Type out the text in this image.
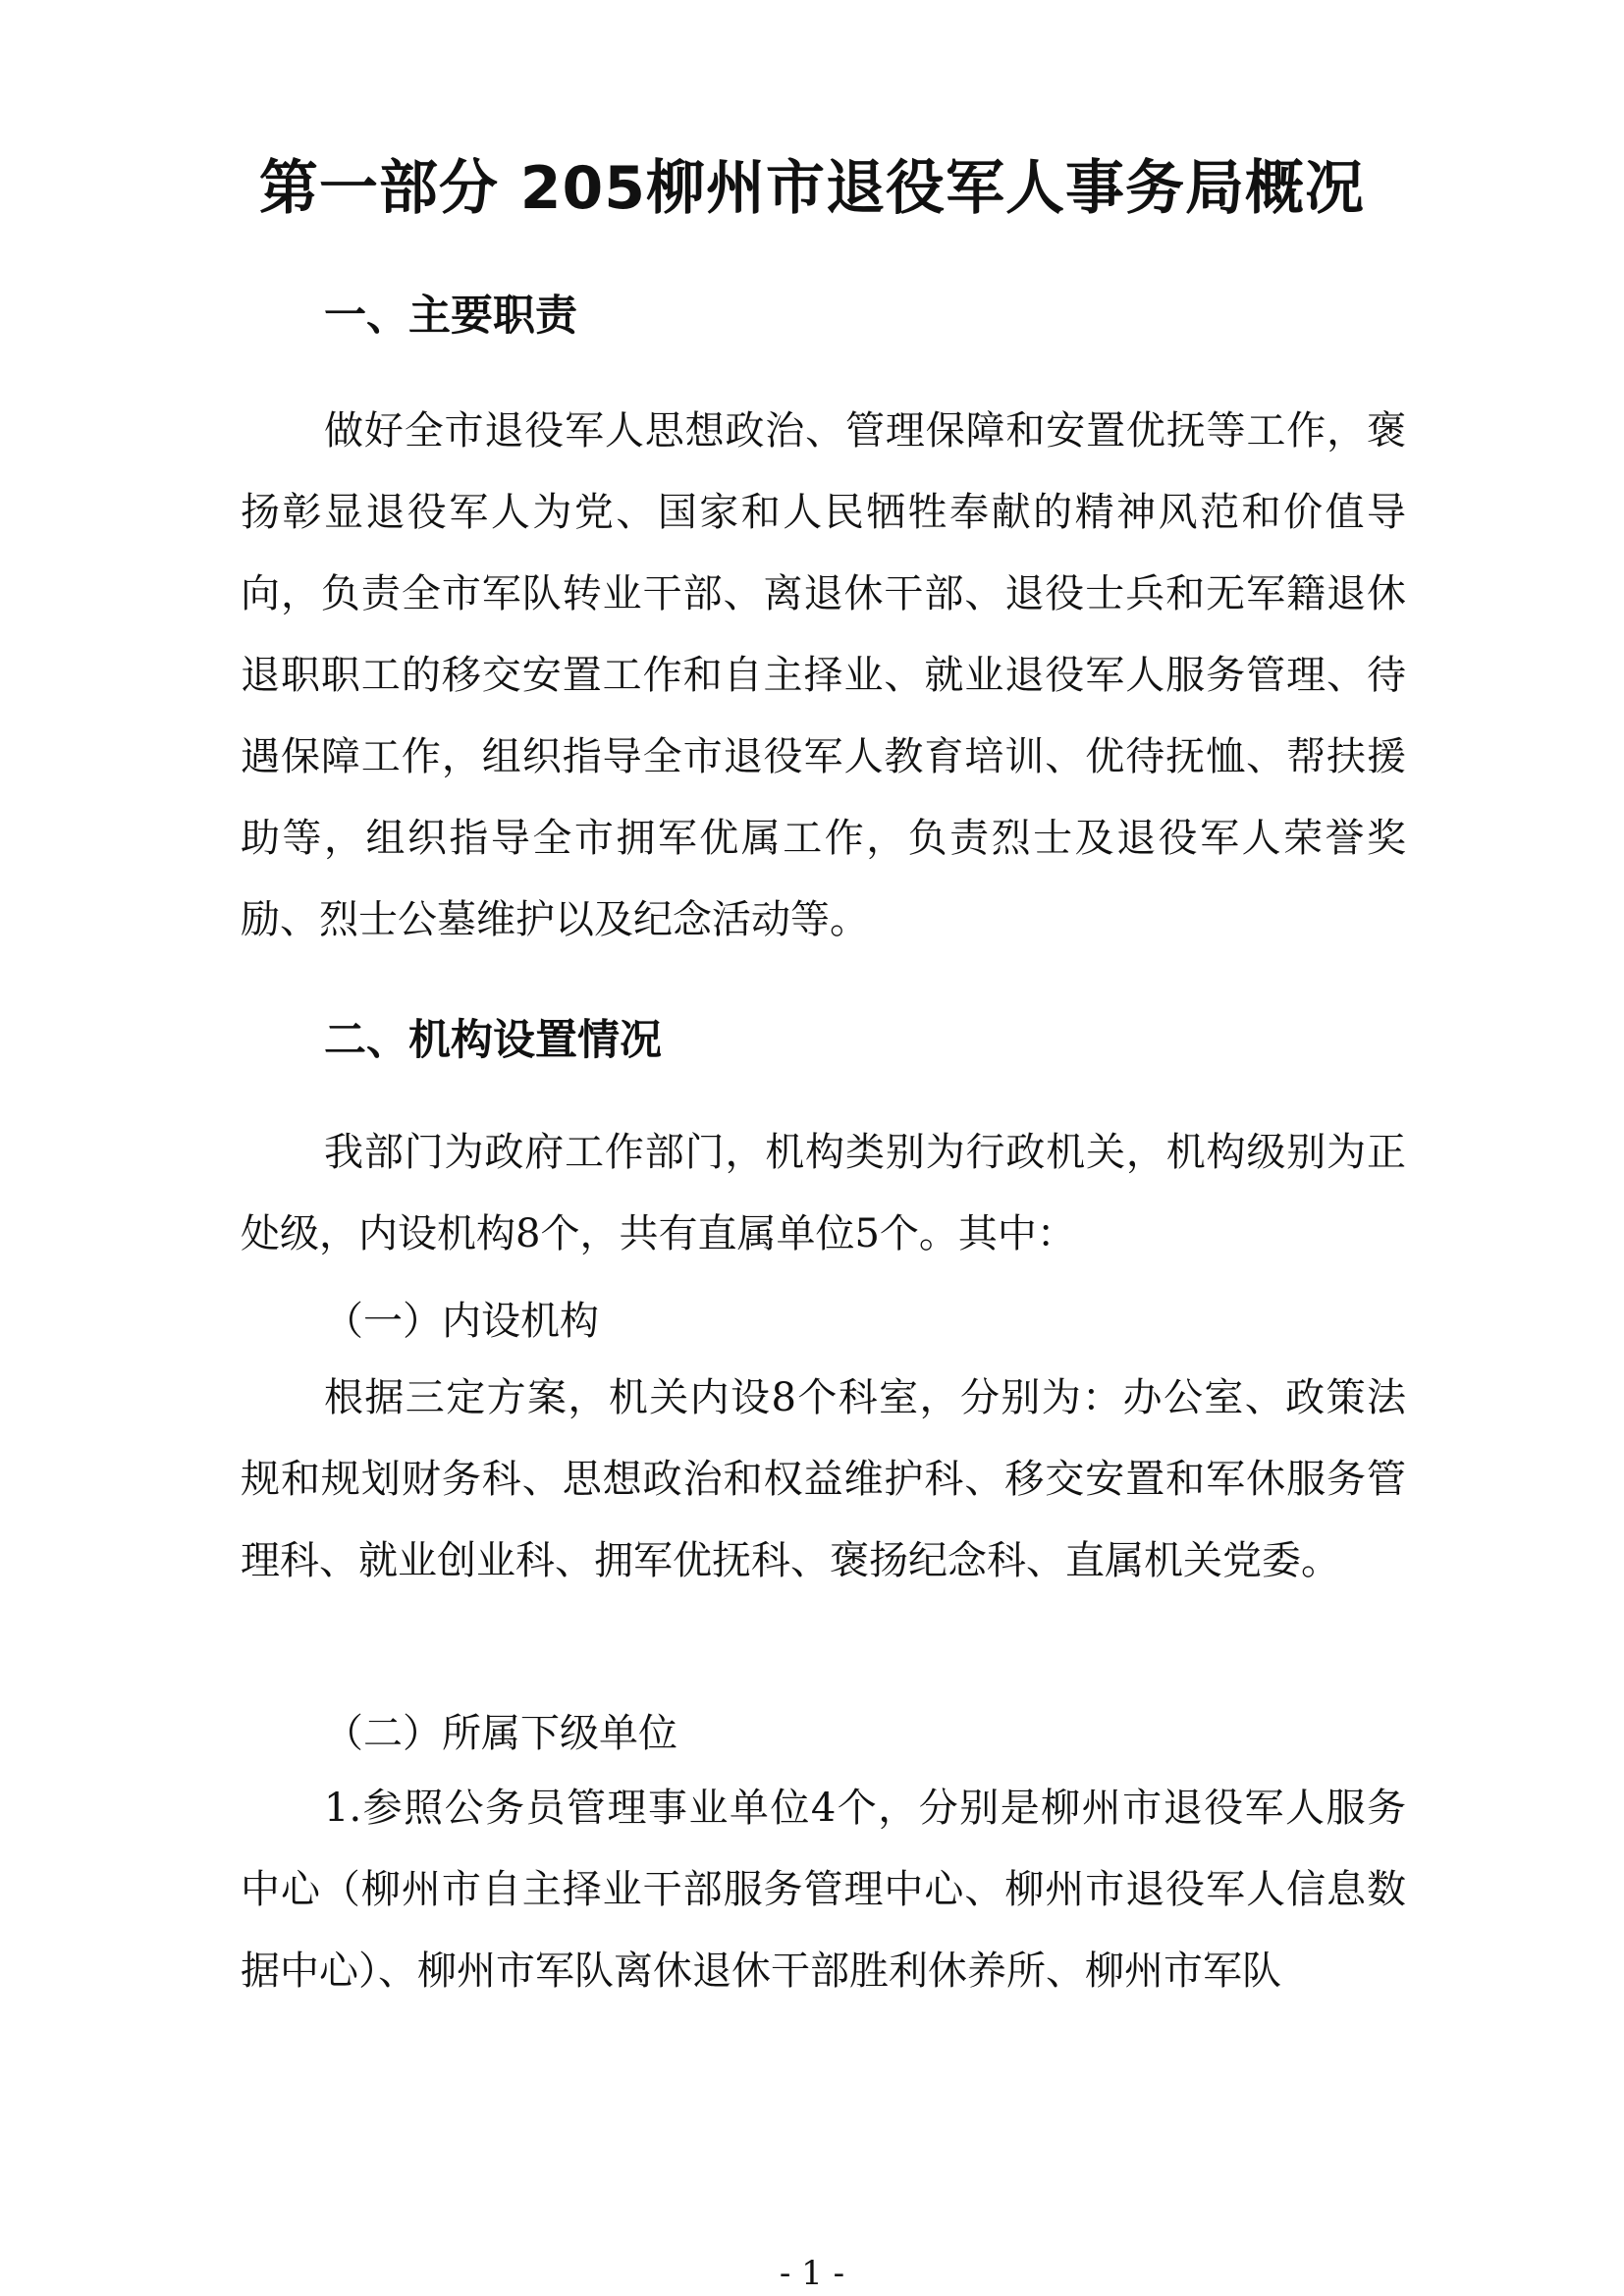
第一部分 205柳州市退役军人事务局概况
一、主要职责

做好全市退役军人思想政治、管理保障和安置优抚等工作，褒扬彰显退役军人为党、国家和人民牺牲奉献的精神风范和价值导向，负责全市军队转业干部、离退休干部、退役士兵和无军籍退休退职职工的移交安置工作和自主择业、就业退役军人服务管理、待遇保障工作，组织指导全市退役军人教育培训、优待抚恤、帮扶援助等，组织指导全市拥军优属工作，负责烈士及退役军人荣誉奖励、烈士公墓维护以及纪念活动等。

二、机构设置情况

我部门为政府工作部门，机构类别为行政机关，机构级别为正处级，内设机构8个，共有直属单位5个。其中：

（一）内设机构

根据三定方案，机关内设8个科室，分别为：办公室、政策法规和规划财务科、思想政治和权益维护科、移交安置和军休服务管理科、就业创业科、拥军优抚科、褒扬纪念科、直属机关党委。

（二）所属下级单位

1.参照公务员管理事业单位4个，分别是柳州市退役军人服务中心（柳州市自主择业干部服务管理中心、柳州市退役军人信息数据中心）、柳州市军队离休退休干部胜利休养所、柳州市军队

- 1 -
